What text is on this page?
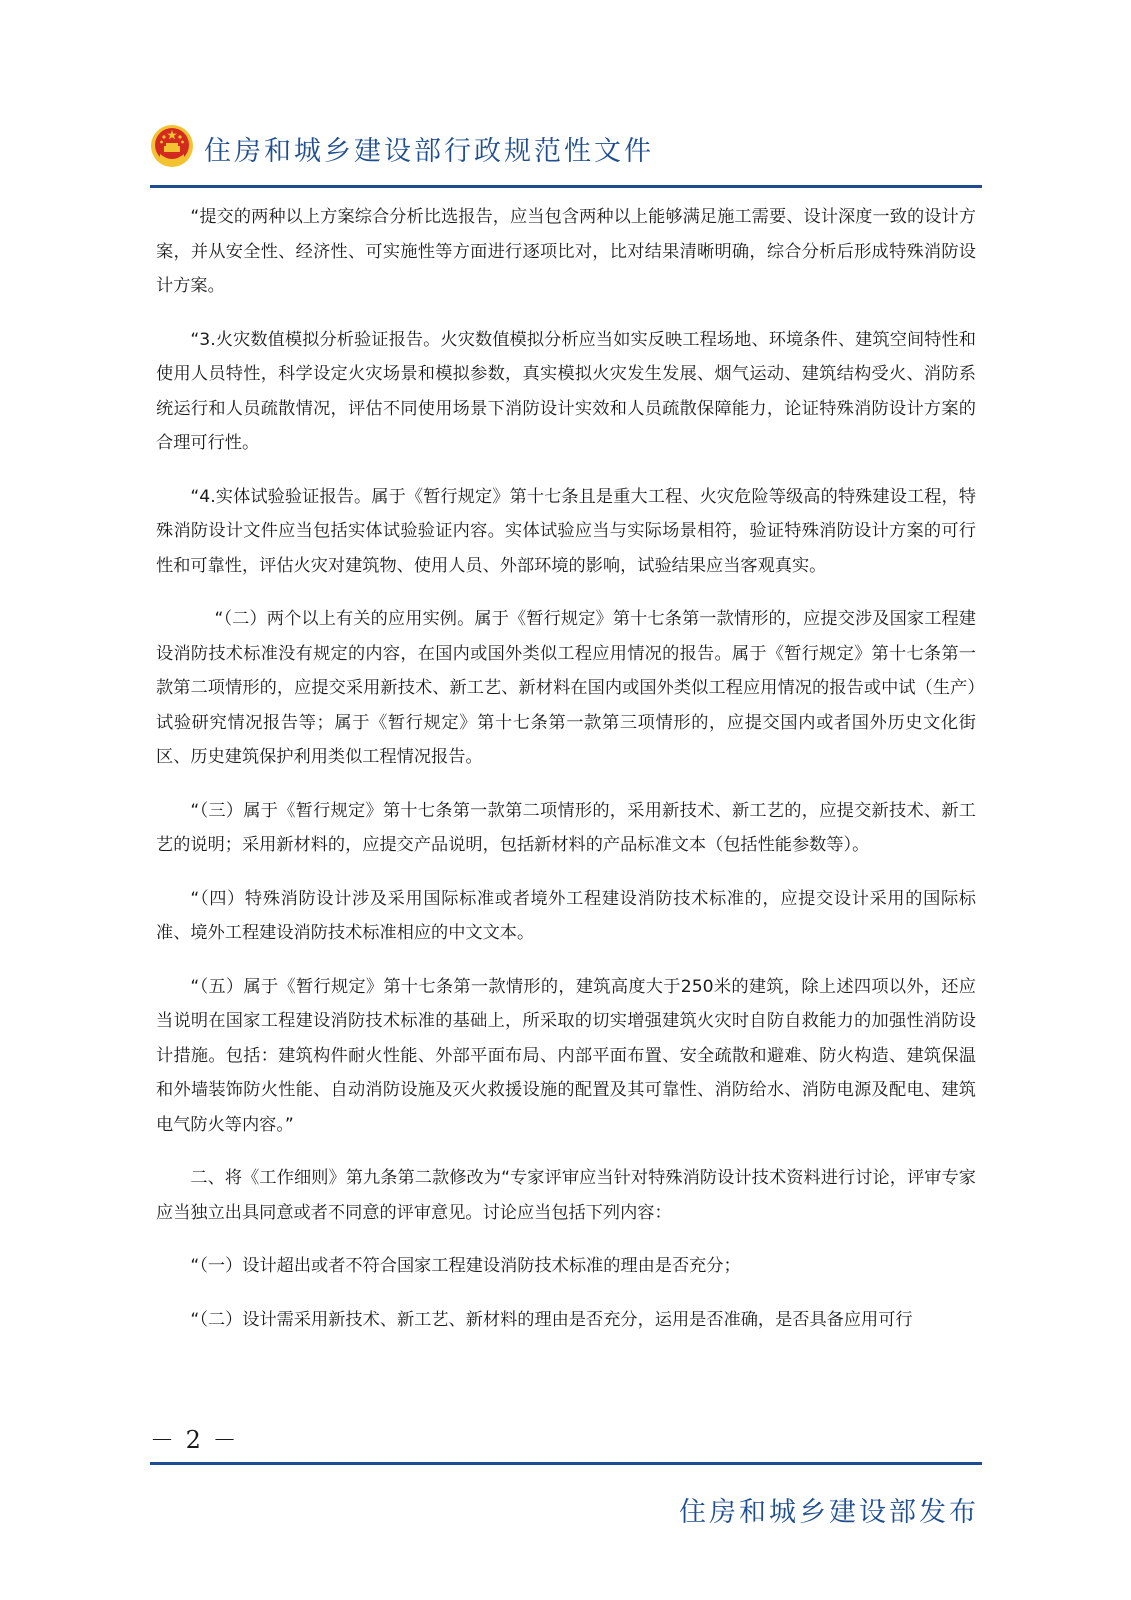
住房和城乡建设部行政规范性文件

“提交的两种以上方案综合分析比选报告，应当包含两种以上能够满足施工需要、设计深度一致的设计方案，并从安全性、经济性、可实施性等方面进行逐项比对，比对结果清晰明确，综合分析后形成特殊消防设计方案。

“3.火灾数值模拟分析验证报告。火灾数值模拟分析应当如实反映工程场地、环境条件、建筑空间特性和使用人员特性，科学设定火灾场景和模拟参数，真实模拟火灾发生发展、烟气运动、建筑结构受火、消防系统运行和人员疏散情况，评估不同使用场景下消防设计实效和人员疏散保障能力，论证特殊消防设计方案的合理可行性。

“4.实体试验验证报告。属于《暂行规定》第十七条且是重大工程、火灾危险等级高的特殊建设工程，特殊消防设计文件应当包括实体试验验证内容。实体试验应当与实际场景相符，验证特殊消防设计方案的可行性和可靠性，评估火灾对建筑物、使用人员、外部环境的影响，试验结果应当客观真实。

“（二）两个以上有关的应用实例。属于《暂行规定》第十七条第一款情形的，应提交涉及国家工程建设消防技术标准没有规定的内容，在国内或国外类似工程应用情况的报告。属于《暂行规定》第十七条第一款第二项情形的，应提交采用新技术、新工艺、新材料在国内或国外类似工程应用情况的报告或中试（生产）试验研究情况报告等；属于《暂行规定》第十七条第一款第三项情形的，应提交国内或者国外历史文化街区、历史建筑保护利用类似工程情况报告。

“（三）属于《暂行规定》第十七条第一款第二项情形的，采用新技术、新工艺的，应提交新技术、新工艺的说明；采用新材料的，应提交产品说明，包括新材料的产品标准文本（包括性能参数等）。

“（四）特殊消防设计涉及采用国际标准或者境外工程建设消防技术标准的，应提交设计采用的国际标准、境外工程建设消防技术标准相应的中文文本。

“（五）属于《暂行规定》第十七条第一款情形的，建筑高度大于250米的建筑，除上述四项以外，还应当说明在国家工程建设消防技术标准的基础上，所采取的切实增强建筑火灾时自防自救能力的加强性消防设计措施。包括：建筑构件耐火性能、外部平面布局、内部平面布置、安全疏散和避难、防火构造、建筑保温和外墙装饰防火性能、自动消防设施及灭火救援设施的配置及其可靠性、消防给水、消防电源及配电、建筑电气防火等内容。”

二、将《工作细则》第九条第二款修改为“专家评审应当针对特殊消防设计技术资料进行讨论，评审专家应当独立出具同意或者不同意的评审意见。讨论应当包括下列内容：

“（一）设计超出或者不符合国家工程建设消防技术标准的理由是否充分；

“（二）设计需采用新技术、新工艺、新材料的理由是否充分，运用是否准确，是否具备应用可行

－ 2 －
住房和城乡建设部发布
